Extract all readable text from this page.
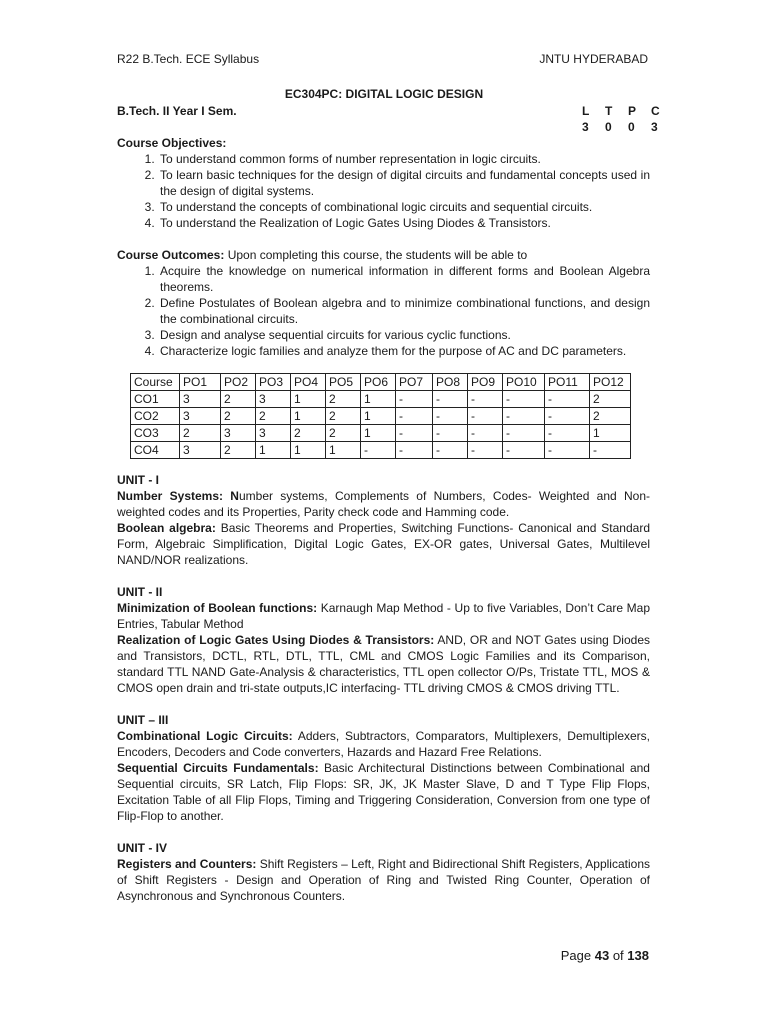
R22 B.Tech. ECE Syllabus	JNTU HYDERABAD
EC304PC: DIGITAL LOGIC DESIGN
B.Tech. II Year I Sem.	L	T	P	C
3	0	0	3
Course Objectives:
1. To understand common forms of number representation in logic circuits.
2. To learn basic techniques for the design of digital circuits and fundamental concepts used in the design of digital systems.
3. To understand the concepts of combinational logic circuits and sequential circuits.
4. To understand the Realization of Logic Gates Using Diodes & Transistors.
Course Outcomes: Upon completing this course, the students will be able to
1. Acquire the knowledge on numerical information in different forms and Boolean Algebra theorems.
2. Define Postulates of Boolean algebra and to minimize combinational functions, and design the combinational circuits.
3. Design and analyse sequential circuits for various cyclic functions.
4. Characterize logic families and analyze them for the purpose of AC and DC parameters.
Course	PO1	PO2	PO3	PO4	PO5	PO6	PO7	PO8	PO9	PO10	PO11	PO12
CO1	3	2	3	1	2	1	-	-	-	-	-	2
CO2	3	2	2	1	2	1	-	-	-	-	-	2
CO3	2	3	3	2	2	1	-	-	-	-	-	1
CO4	3	2	1	1	1	-	-	-	-	-	-	-
UNIT - I

Number Systems: Number systems, Complements of Numbers, Codes- Weighted and Non-weighted codes and its Properties, Parity check code and Hamming code.

Boolean algebra: Basic Theorems and Properties, Switching Functions- Canonical and Standard Form, Algebraic Simplification, Digital Logic Gates, EX-OR gates, Universal Gates, Multilevel NAND/NOR realizations.

UNIT - II

Minimization of Boolean functions: Karnaugh Map Method - Up to five Variables, Don’t Care Map Entries, Tabular Method

Realization of Logic Gates Using Diodes & Transistors: AND, OR and NOT Gates using Diodes and Transistors, DCTL, RTL, DTL, TTL, CML and CMOS Logic Families and its Comparison, standard TTL NAND Gate-Analysis & characteristics, TTL open collector O/Ps, Tristate TTL, MOS & CMOS open drain and tri-state outputs,IC interfacing- TTL driving CMOS & CMOS driving TTL.

UNIT – III

Combinational Logic Circuits: Adders, Subtractors, Comparators, Multiplexers, Demultiplexers, Encoders, Decoders and Code converters, Hazards and Hazard Free Relations.

Sequential Circuits Fundamentals: Basic Architectural Distinctions between Combinational and Sequential circuits, SR Latch, Flip Flops: SR, JK, JK Master Slave, D and T Type Flip Flops, Excitation Table of all Flip Flops, Timing and Triggering Consideration, Conversion from one type of Flip-Flop to another.

UNIT - IV

Registers and Counters: Shift Registers – Left, Right and Bidirectional Shift Registers, Applications of Shift Registers - Design and Operation of Ring and Twisted Ring Counter, Operation of Asynchronous and Synchronous Counters.

Page 43 of 138
